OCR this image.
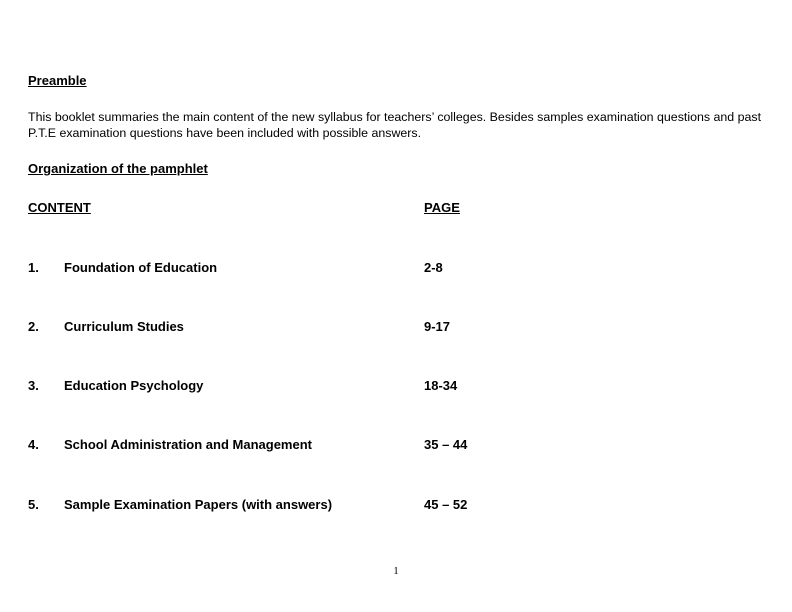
Preamble
This booklet summaries the main content of the new syllabus for teachers’ colleges. Besides samples examination questions and past P.T.E examination questions have been included with possible answers.
Organization of the pamphlet
CONTENT	PAGE
1. Foundation of Education	2-8
2. Curriculum Studies	9-17
3. Education Psychology	18-34
4. School Administration and Management	35 – 44
5. Sample Examination Papers (with answers)	45 – 52
1
